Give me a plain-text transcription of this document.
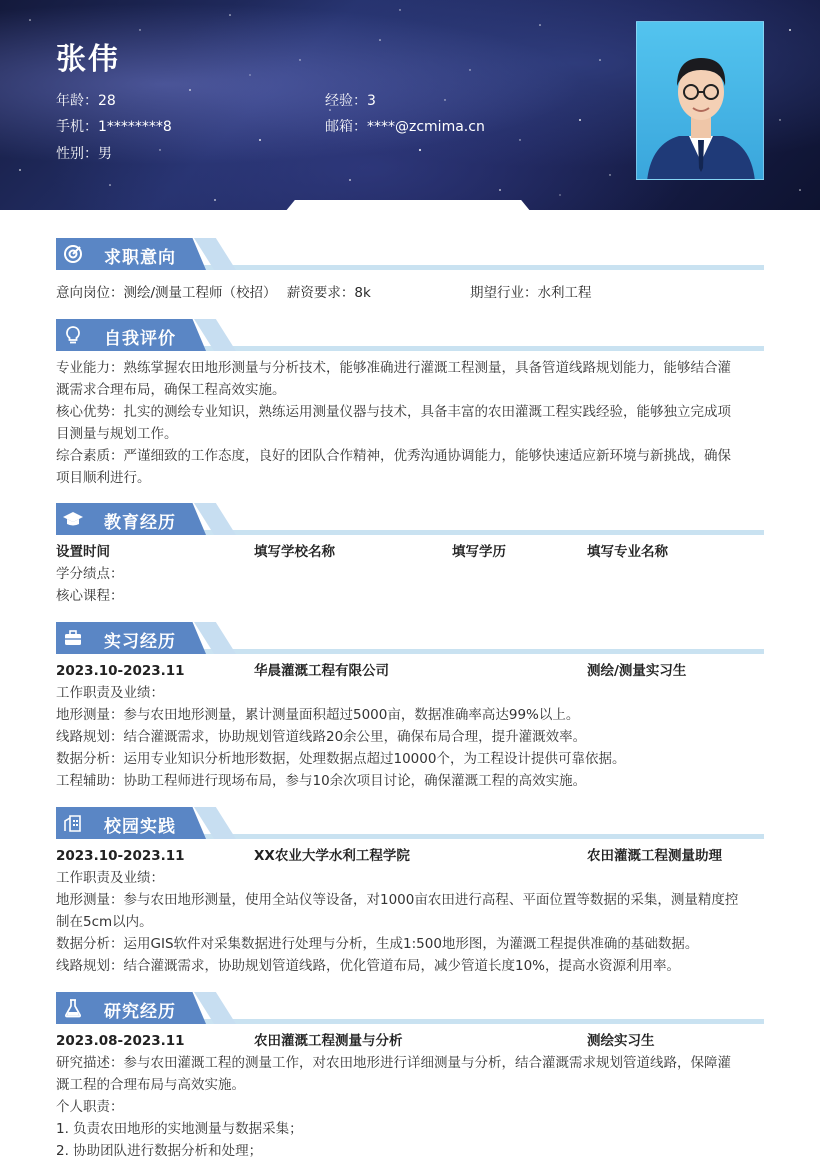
张伟
年龄：28	经验：3
手机：1********8	邮箱：****@zcmima.cn
性别：男
求职意向
意向岗位：测绘/测量工程师（校招） 薪资要求：8k	期望行业：水利工程
自我评价
专业能力：熟练掌握农田地形测量与分析技术，能够准确进行灌溉工程测量，具备管道线路规划能力，能够结合灌
溉需求合理布局，确保工程高效实施。
核心优势：扎实的测绘专业知识，熟练运用测量仪器与技术，具备丰富的农田灌溉工程实践经验，能够独立完成项
目测量与规划工作。
综合素质：严谨细致的工作态度，良好的团队合作精神，优秀沟通协调能力，能够快速适应新环境与新挑战，确保
项目顺利进行。
教育经历
设置时间	填写学校名称	填写学历	填写专业名称
学分绩点：
核心课程：
实习经历
2023.10-2023.11	华晨灌溉工程有限公司	测绘/测量实习生
工作职责及业绩：
地形测量：参与农田地形测量，累计测量面积超过5000亩，数据准确率高达99%以上。
线路规划：结合灌溉需求，协助规划管道线路20余公里，确保布局合理，提升灌溉效率。
数据分析：运用专业知识分析地形数据，处理数据点超过10000个，为工程设计提供可靠依据。
工程辅助：协助工程师进行现场布局，参与10余次项目讨论，确保灌溉工程的高效实施。
校园实践
2023.10-2023.11	XX农业大学水利工程学院	农田灌溉工程测量助理
工作职责及业绩：
地形测量：参与农田地形测量，使用全站仪等设备，对1000亩农田进行高程、平面位置等数据的采集，测量精度控
制在5cm以内。
数据分析：运用GIS软件对采集数据进行处理与分析，生成1:500地形图，为灌溉工程提供准确的基础数据。
线路规划：结合灌溉需求，协助规划管道线路，优化管道布局，减少管道长度10%，提高水资源利用率。
研究经历
2023.08-2023.11	农田灌溉工程测量与分析	测绘实习生
研究描述：参与农田灌溉工程的测量工作，对农田地形进行详细测量与分析，结合灌溉需求规划管道线路，保障灌
溉工程的合理布局与高效实施。
个人职责：
1. 负责农田地形的实地测量与数据采集；
2. 协助团队进行数据分析和处理；
